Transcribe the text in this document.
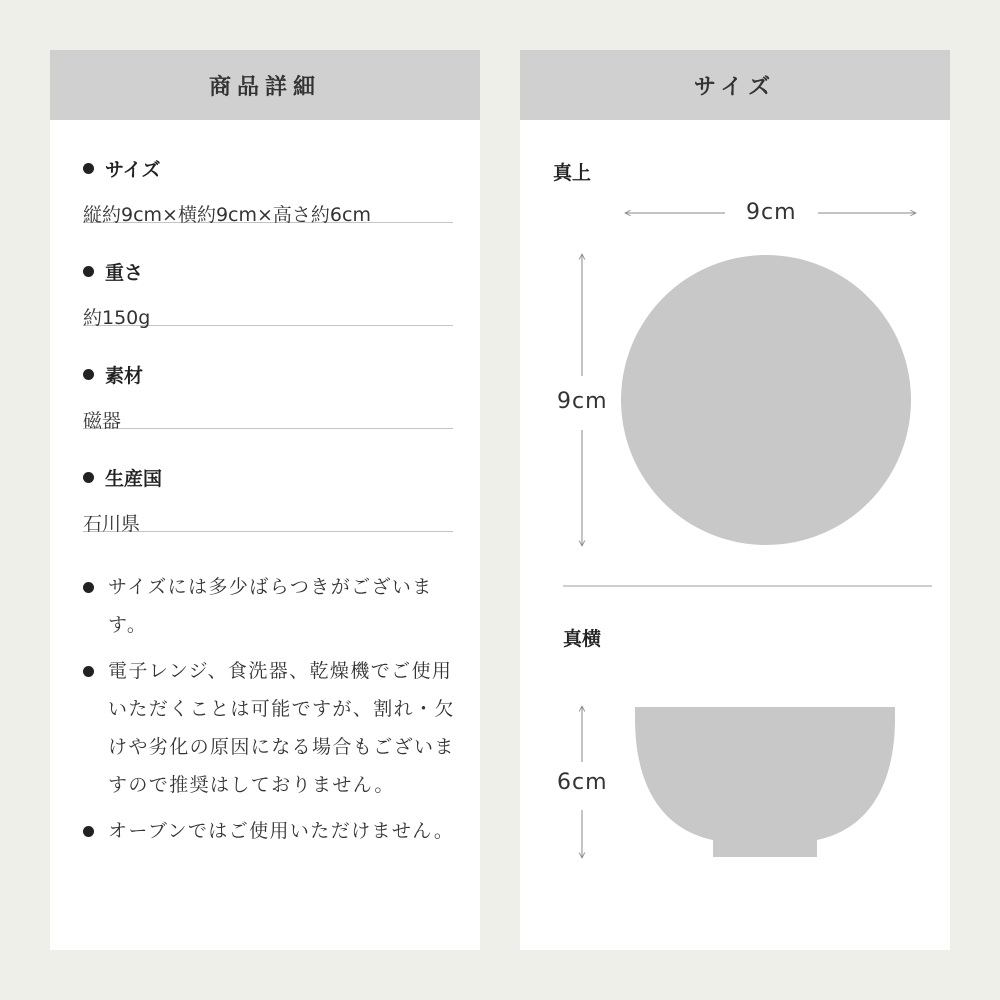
商品詳細
サイズ
縦約9cm×横約9cm×高さ約6cm
重さ
約150g
素材
磁器
生産国
石川県
サイズには多少ばらつきがございます。
電子レンジ、食洗器、乾燥機でご使用いただくことは可能ですが、割れ・欠けや劣化の原因になる場合もございますので推奨はしておりません。
オーブンではご使用いただけません。
サイズ
真上
9cm
9cm
真横
6cm
